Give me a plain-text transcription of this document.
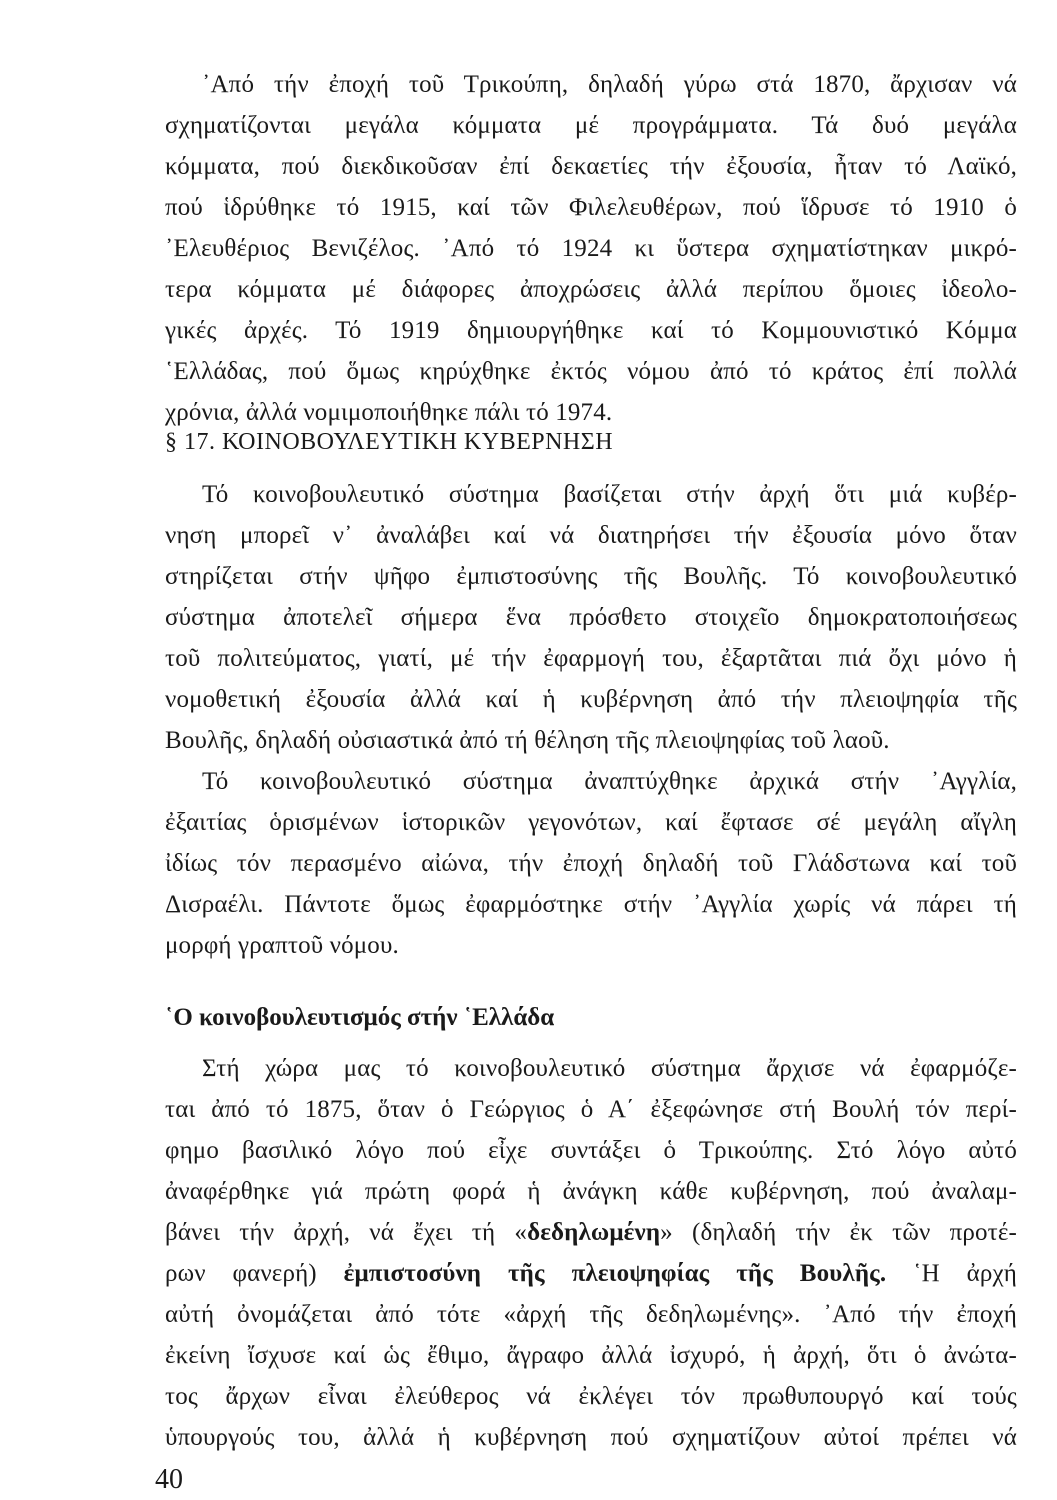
᾿Από τήν ἐποχή τοῦ Τρικούπη, δηλαδή γύρω στά 1870, ἄρχισαν νά
σχηματίζονται μεγάλα κόμματα μέ προγράμματα. Τά δυό μεγάλα
κόμματα, πού διεκδικοῦσαν ἐπί δεκαετίες τήν ἐξουσία, ἦταν τό Λαϊκό,
πού ἱδρύθηκε τό 1915, καί τῶν Φιλελευθέρων, πού ἵδρυσε τό 1910 ὁ
᾿Ελευθέριος Βενιζέλος. ᾿Από τό 1924 κι ὕστερα σχηματίστηκαν μικρό-
τερα κόμματα μέ διάφορες ἀποχρώσεις ἀλλά περίπου ὅμοιες ἰδεολο-
γικές ἀρχές. Τό 1919 δημιουργήθηκε καί τό Κομμουνιστικό Κόμμα
῾Ελλάδας, πού ὅμως κηρύχθηκε ἐκτός νόμου ἀπό τό κράτος ἐπί πολλά
χρόνια, ἀλλά νομιμοποιήθηκε πάλι τό 1974.
§ 17. ΚΟΙΝΟΒΟΥΛΕΥΤΙΚΗ ΚΥΒΕΡΝΗΣΗ
Τό κοινοβουλευτικό σύστημα βασίζεται στήν ἀρχή ὅτι μιά κυβέρ-
νηση μπορεῖ ν᾿ ἀναλάβει καί νά διατηρήσει τήν ἐξουσία μόνο ὅταν
στηρίζεται στήν ψῆφο ἐμπιστοσύνης τῆς Βουλῆς. Τό κοινοβουλευτικό
σύστημα ἀποτελεῖ σήμερα ἕνα πρόσθετο στοιχεῖο δημοκρατοποιήσεως
τοῦ πολιτεύματος, γιατί, μέ τήν ἐφαρμογή του, ἐξαρτᾶται πιά ὄχι μόνο ἡ
νομοθετική ἐξουσία ἀλλά καί ἡ κυβέρνηση ἀπό τήν πλειοψηφία τῆς
Βουλῆς, δηλαδή οὐσιαστικά ἀπό τή θέληση τῆς πλειοψηφίας τοῦ λαοῦ.
Τό κοινοβουλευτικό σύστημα ἀναπτύχθηκε ἀρχικά στήν ᾿Αγγλία,
ἐξαιτίας ὁρισμένων ἱστορικῶν γεγονότων, καί ἔφτασε σέ μεγάλη αἴγλη
ἰδίως τόν περασμένο αἰώνα, τήν ἐποχή δηλαδή τοῦ Γλάδστωνα καί τοῦ
Δισραέλι. Πάντοτε ὅμως ἐφαρμόστηκε στήν ᾿Αγγλία χωρίς νά πάρει τή
μορφή γραπτοῦ νόμου.
῾Ο κοινοβουλευτισμός στήν ῾Ελλάδα
Στή χώρα μας τό κοινοβουλευτικό σύστημα ἄρχισε νά ἐφαρμόζε-
ται ἀπό τό 1875, ὅταν ὁ Γεώργιος ὁ Α΄ ἐξεφώνησε στή Βουλή τόν περί-
φημο βασιλικό λόγο πού εἶχε συντάξει ὁ Τρικούπης. Στό λόγο αὐτό
ἀναφέρθηκε γιά πρώτη φορά ἡ ἀνάγκη κάθε κυβέρνηση, πού ἀναλαμ-
βάνει τήν ἀρχή, νά ἔχει τή «δεδηλωμένη» (δηλαδή τήν ἐκ τῶν προτέ-
ρων φανερή) ἐμπιστοσύνη τῆς πλειοψηφίας τῆς Βουλῆς. ῾Η ἀρχή
αὐτή ὀνομάζεται ἀπό τότε «ἀρχή τῆς δεδηλωμένης». ᾿Από τήν ἐποχή
ἐκείνη ἴσχυσε καί ὡς ἔθιμο, ἄγραφο ἀλλά ἰσχυρό, ἡ ἀρχή, ὅτι ὁ ἀνώτα-
τος ἄρχων εἶναι ἐλεύθερος νά ἐκλέγει τόν πρωθυπουργό καί τούς
ὑπουργούς του, ἀλλά ἡ κυβέρνηση πού σχηματίζουν αὐτοί πρέπει νά
40
